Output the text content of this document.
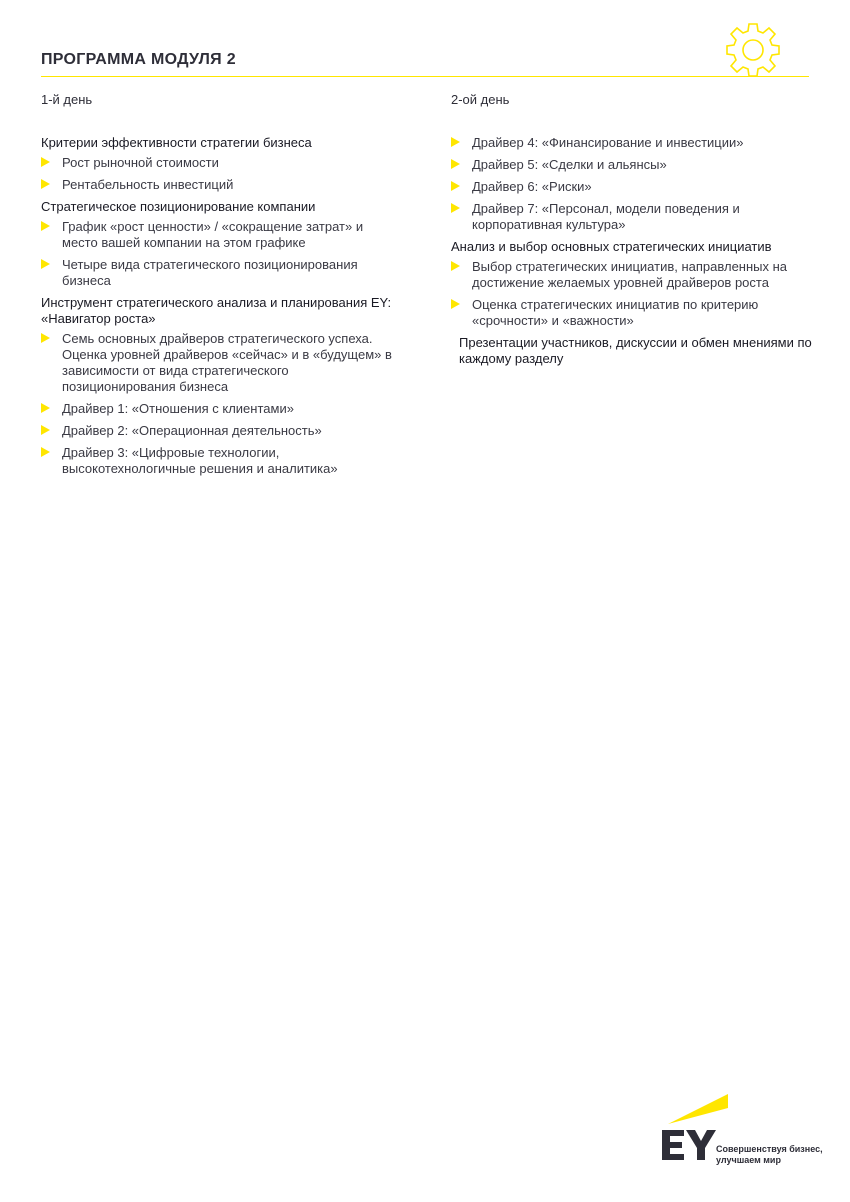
ПРОГРАММА МОДУЛЯ 2
1-й день
Критерии эффективности стратегии бизнеса
Рост рыночной стоимости
Рентабельность инвестиций
Стратегическое позиционирование компании
График «рост ценности» / «сокращение затрат» и место вашей компании на этом графике
Четыре вида стратегического позиционирования бизнеса
Инструмент стратегического анализа и планирования EY: «Навигатор роста»
Семь основных драйверов стратегического успеха. Оценка уровней драйверов «сейчас» и в «будущем» в зависимости от вида стратегического позиционирования бизнеса
Драйвер 1: «Отношения с клиентами»
Драйвер 2: «Операционная деятельность»
Драйвер 3: «Цифровые технологии, высокотехнологичные решения и аналитика»
2-ой день
Драйвер 4: «Финансирование и инвестиции»
Драйвер 5: «Сделки и альянсы»
Драйвер 6: «Риски»
Драйвер 7: «Персонал, модели поведения и корпоративная культура»
Анализ и выбор основных стратегических инициатив
Выбор стратегических инициатив, направленных на достижение желаемых уровней драйверов роста
Оценка стратегических инициатив по критерию «срочности» и «важности»
Презентации участников, дискуссии и обмен мнениями по каждому разделу
Совершенствуя бизнес,
улучшаем мир
